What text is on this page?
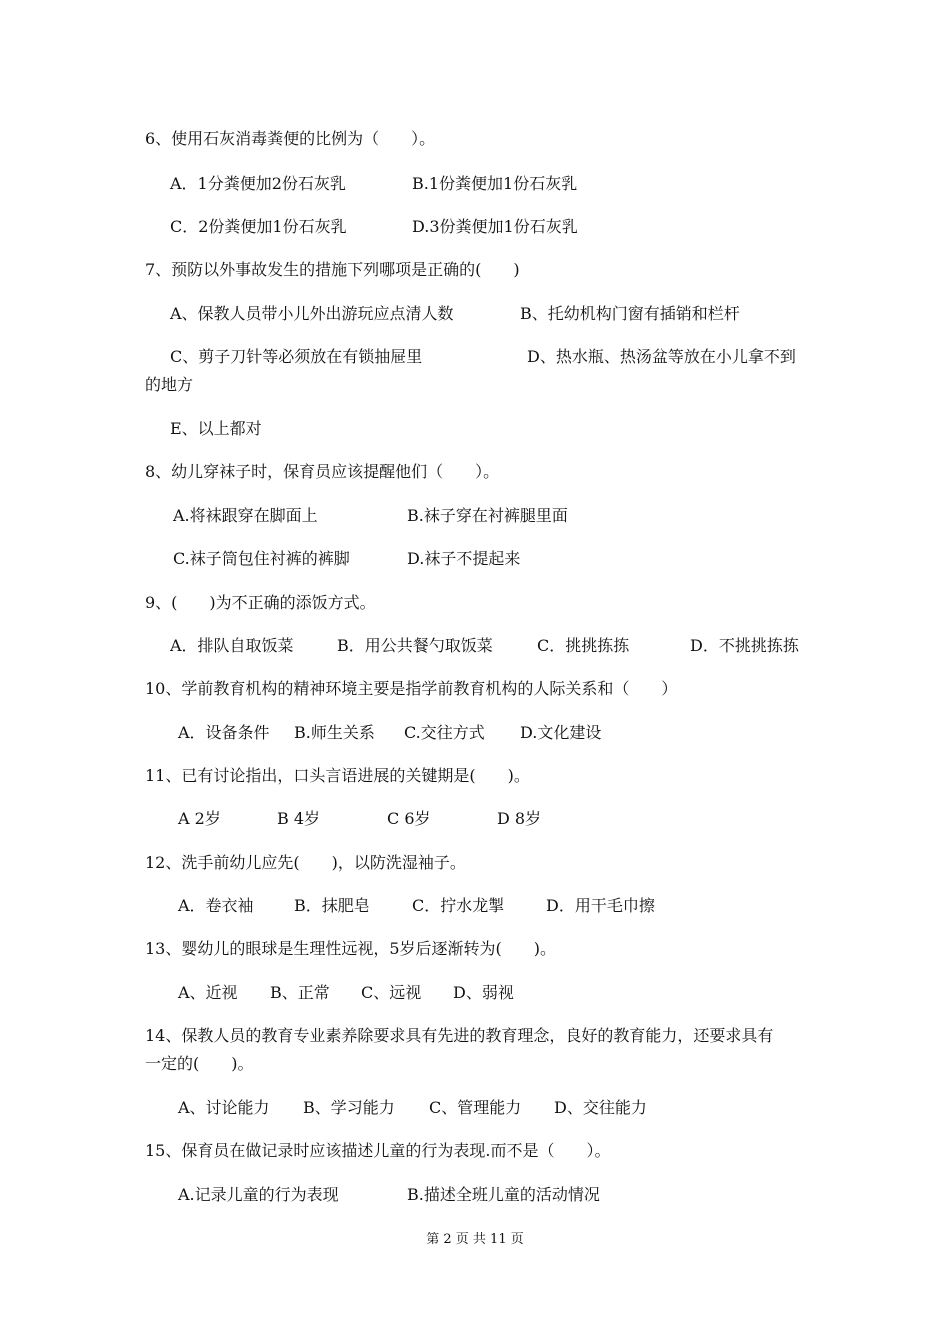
6、使用石灰消毒粪便的比例为（　　）。

A．1分粪便加2份石灰乳	B.1份粪便加1份石灰乳

C．2份粪便加1份石灰乳	D.3份粪便加1份石灰乳

7、预防以外事故发生的措施下列哪项是正确的(　　)

A、保教人员带小儿外出游玩应点清人数	B、托幼机构门窗有插销和栏杆

C、剪子刀针等必须放在有锁抽屉里	D、热水瓶、热汤盆等放在小儿拿不到

的地方

E、以上都对

8、幼儿穿袜子时，保育员应该提醒他们（　　）。

A.将袜跟穿在脚面上	B.袜子穿在衬裤腿里面

C.袜子筒包住衬裤的裤脚	D.袜子不提起来

9、(　　)为不正确的添饭方式。

A．排队自取饭菜	B．用公共餐勺取饭菜	C．挑挑拣拣	D．不挑挑拣拣

10、学前教育机构的精神环境主要是指学前教育机构的人际关系和（　　）

A．设备条件 B.师生关系 C.交往方式 D.文化建设

11、已有讨论指出，口头言语进展的关键期是(　　)。

A 2岁	B 4岁	C 6岁	D 8岁

12、洗手前幼儿应先(　　)，以防洗湿袖子。

A．卷衣袖	B．抹肥皂	C．拧水龙掣	D．用干毛巾擦

13、婴幼儿的眼球是生理性远视，5岁后逐渐转为(　　)。

A、近视 B、正常 C、远视 D、弱视

14、保教人员的教育专业素养除要求具有先进的教育理念，良好的教育能力，还要求具有

一定的(　　)。

A、讨论能力 B、学习能力 C、管理能力 D、交往能力

15、保育员在做记录时应该描述儿童的行为表现.而不是（　　）。

A.记录儿童的行为表现	B.描述全班儿童的活动情况

第 2 页 共 11 页
